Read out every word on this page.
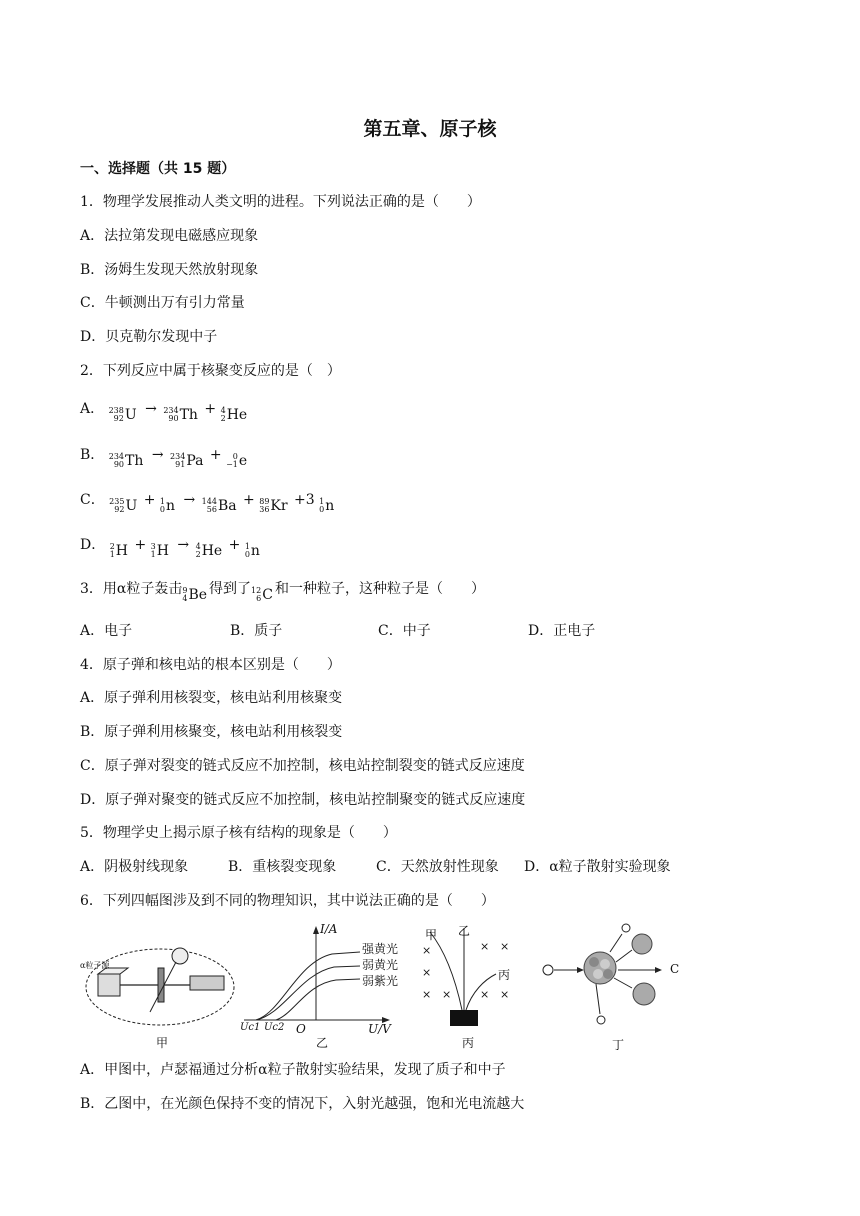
第五章、原子核
一、选择题（共 15 题）
1．物理学发展推动人类文明的进程。下列说法正确的是（　　）
A．法拉第发现电磁感应现象
B．汤姆生发现天然放射现象
C．牛顿测出万有引力常量
D．贝克勒尔发现中子
2．下列反应中属于核聚变反应的是（　）
A． 238
92 U → 234
90 Th + 4
2 He
B． 234
90 Th → 234
91 Pa +	0
−1 e
C． 235
92 U + 1
0 n → 144
56 Ba + 89
36 Kr +3 1
0 n
D． 2
1 H + 3
1 H → 4
2 He + 1
0 n
3．用α粒子轰击 9
4 Be 得到了 12
6 C 和一种粒子，这种粒子是（　　）
A．电子	B．质子	C．中子	D．正电子
4．原子弹和核电站的根本区别是（　　）
A．原子弹利用核裂变，核电站利用核聚变
B．原子弹利用核聚变，核电站利用核裂变
C．原子弹对裂变的链式反应不加控制，核电站控制裂变的链式反应速度
D．原子弹对聚变的链式反应不加控制，核电站控制聚变的链式反应速度
5．物理学史上揭示原子核有结构的现象是（　　）
A．阴极射线现象	B．重核裂变现象	C．天然放射性现象 D．α粒子散射实验现象
6．下列四幅图涉及到不同的物理知识，其中说法正确的是（　　）
甲
α粒子源
I/A
强黄光
弱黄光
弱紫光
O
Uc1 Uc2	U/V
乙
甲 乙
丙
×
×
× ×
× ×
× ×
丙
C
丁
A．甲图中，卢瑟福通过分析α粒子散射实验结果，发现了质子和中子
B．乙图中，在光颜色保持不变的情况下，入射光越强，饱和光电流越大
